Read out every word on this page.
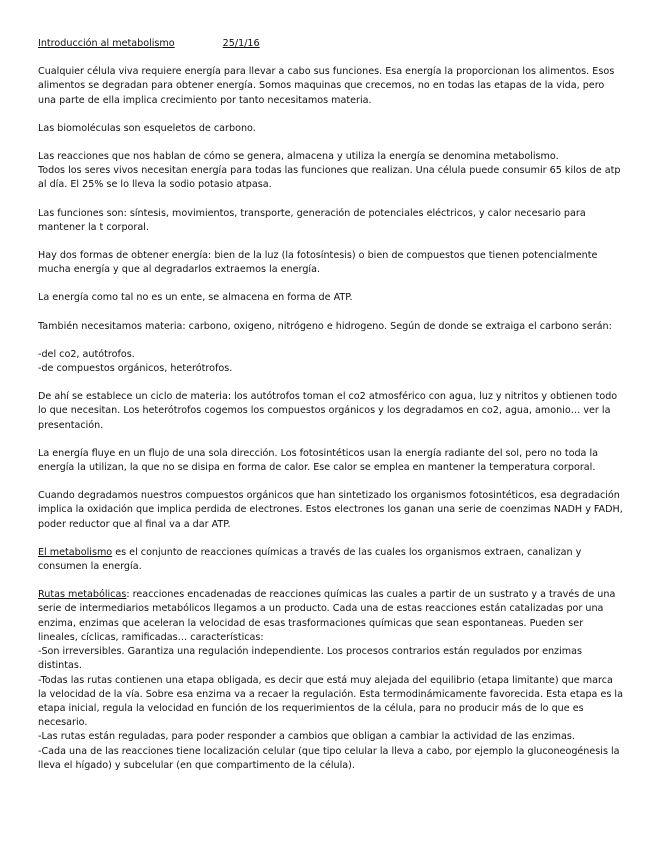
Introducción al metabolismo	25/1/16

Cualquier célula viva requiere energía para llevar a cabo sus funciones. Esa energía la proporcionan los alimentos. Esos alimentos se degradan para obtener energía. Somos maquinas que crecemos, no en todas las etapas de la vida, pero una parte de ella implica crecimiento por tanto necesitamos materia.

Las biomoléculas son esqueletos de carbono.

Las reacciones que nos hablan de cómo se genera, almacena y utiliza la energía se denomina metabolismo.

Todos los seres vivos necesitan energía para todas las funciones que realizan. Una célula puede consumir 65 kilos de atp al día. El 25% se lo lleva la sodio potasio atpasa.

Las funciones son: síntesis, movimientos, transporte, generación de potenciales eléctricos, y calor necesario para mantener la t corporal.

Hay dos formas de obtener energía: bien de la luz (la fotosíntesis) o bien de compuestos que tienen potencialmente mucha energía y que al degradarlos extraemos la energía.

La energía como tal no es un ente, se almacena en forma de ATP.

También necesitamos materia: carbono, oxigeno, nitrógeno e hidrogeno. Según de donde se extraiga el carbono serán:

-del co2, autótrofos.

-de compuestos orgánicos, heterótrofos.

De ahí se establece un ciclo de materia: los autótrofos toman el co2 atmosférico con agua, luz y nitritos y obtienen todo lo que necesitan. Los heterótrofos cogemos los compuestos orgánicos y los degradamos en co2, agua, amonio… ver la presentación.

La energía fluye en un flujo de una sola dirección. Los fotosintéticos usan la energía radiante del sol, pero no toda la energía la utilizan, la que no se disipa en forma de calor. Ese calor se emplea en mantener la temperatura corporal.

Cuando degradamos nuestros compuestos orgánicos que han sintetizado los organismos fotosintéticos, esa degradación implica la oxidación que implica perdida de electrones. Estos electrones los ganan una serie de coenzimas NADH y FADH, poder reductor que al final va a dar ATP.

El metabolismo es el conjunto de reacciones químicas a través de las cuales los organismos extraen, canalizan y consumen la energía.

Rutas metabólicas: reacciones encadenadas de reacciones químicas las cuales a partir de un sustrato y a través de una serie de intermediarios metabólicos llegamos a un producto. Cada una de estas reacciones están catalizadas por una enzima, enzimas que aceleran la velocidad de esas trasformaciones químicas que sean espontaneas. Pueden ser lineales, cíclicas, ramificadas… características:

-Son irreversibles. Garantiza una regulación independiente. Los procesos contrarios están regulados por enzimas distintas.

-Todas las rutas contienen una etapa obligada, es decir que está muy alejada del equilibrio (etapa limitante) que marca la velocidad de la vía. Sobre esa enzima va a recaer la regulación. Esta termodinámicamente favorecida. Esta etapa es la etapa inicial, regula la velocidad en función de los requerimientos de la célula, para no producir más de lo que es necesario.

-Las rutas están reguladas, para poder responder a cambios que obligan a cambiar la actividad de las enzimas.

-Cada una de las reacciones tiene localización celular (que tipo celular la lleva a cabo, por ejemplo la gluconeogénesis la lleva el hígado) y subcelular (en que compartimento de la célula).
